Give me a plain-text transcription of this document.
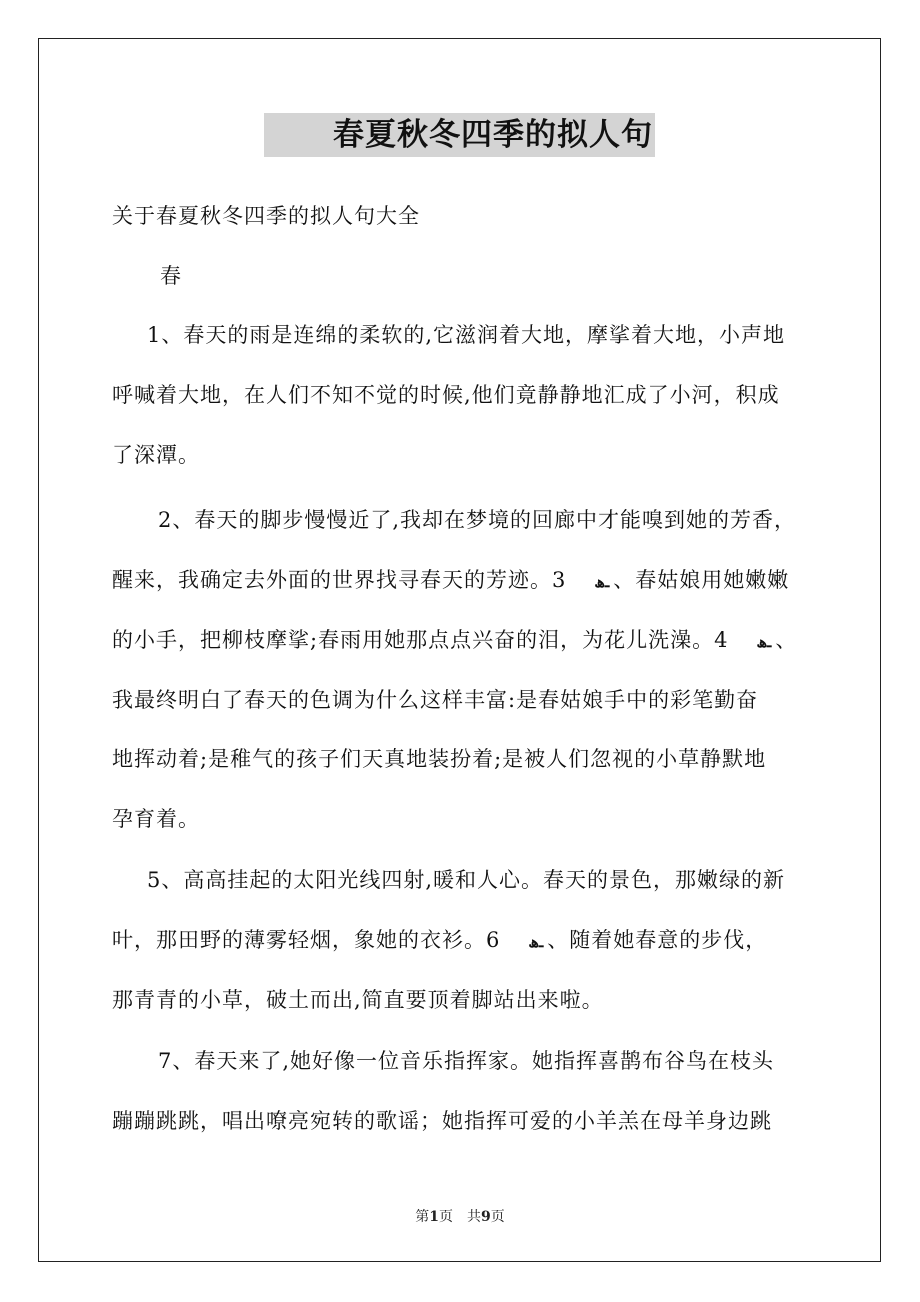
春夏秋冬四季的拟人句
关于春夏秋冬四季的拟人句大全
春
1、春天的雨是连绵的柔软的,它滋润着大地，摩挲着大地，小声地
呼喊着大地，在人们不知不觉的时候,他们竟静静地汇成了小河，积成
了深潭。
2、春天的脚步慢慢近了,我却在梦境的回廊中才能嗅到她的芳香，
醒来，我确定去外面的世界找寻春天的芳迹。3 ـﮪ 、春姑娘用她嫩嫩
的小手，把柳枝摩挲;春雨用她那点点兴奋的泪，为花儿洗澡。4 ـﮪ 、
我最终明白了春天的色调为什么这样丰富:是春姑娘手中的彩笔勤奋
地挥动着;是稚气的孩子们天真地装扮着;是被人们忽视的小草静默地
孕育着。
5、高高挂起的太阳光线四射,暖和人心。春天的景色，那嫩绿的新
叶，那田野的薄雾轻烟，象她的衣衫。6 ـﮪ 、随着她春意的步伐，
那青青的小草，破土而出,简直要顶着脚站出来啦。
7、春天来了,她好像一位音乐指挥家。她指挥喜鹊布谷鸟在枝头
蹦蹦跳跳，唱出嘹亮宛转的歌谣；她指挥可爱的小羊羔在母羊身边跳
第1页　共9页
